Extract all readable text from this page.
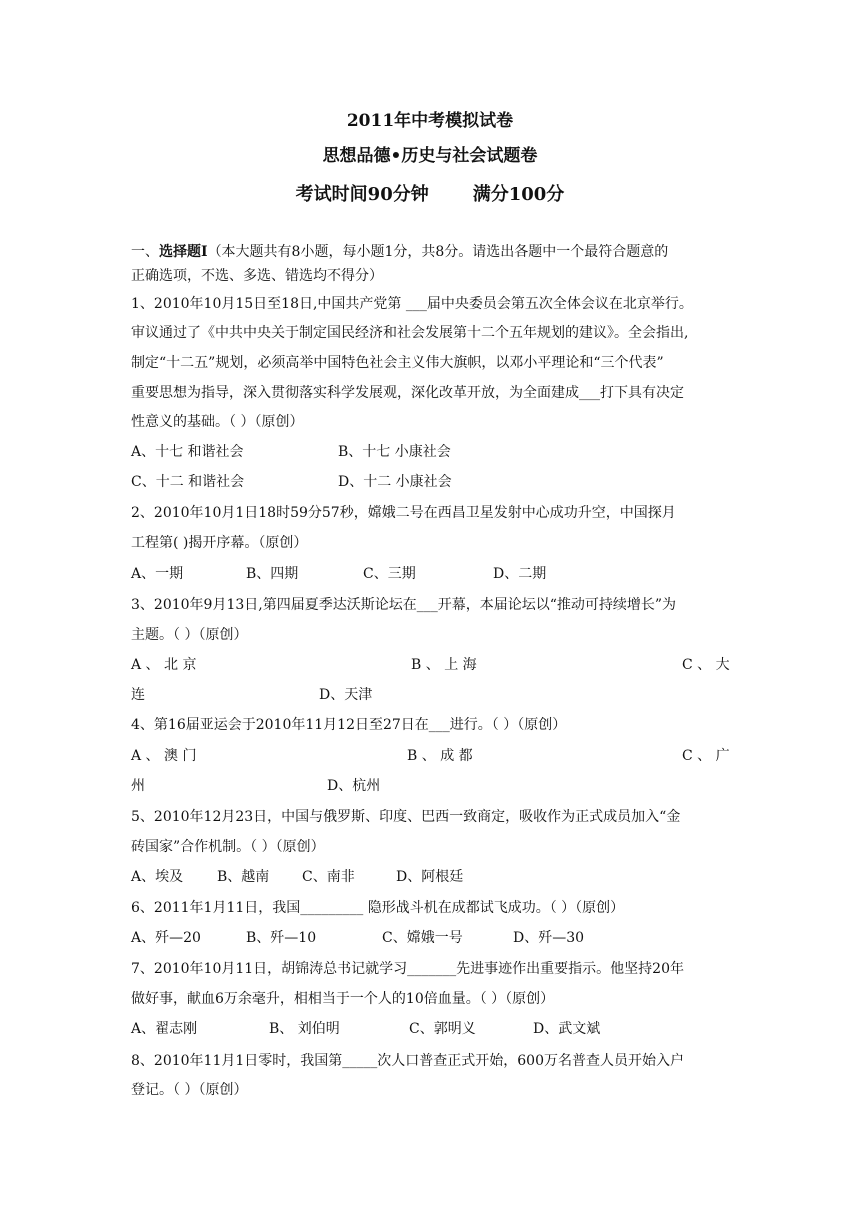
2011年中考模拟试卷
思想品德•历史与社会试题卷
考试时间90分钟 满分100分
一、选择题Ⅰ（本大题共有8小题，每小题1分，共8分。请选出各题中一个最符合题意的
正确选项，不选、多选、错选均不得分）
1、2010年10月15日至18日,中国共产党第 ___届中央委员会第五次全体会议在北京举行。
审议通过了《中共中央关于制定国民经济和社会发展第十二个五年规划的建议》。全会指出,
制定“十二五”规划，必须高举中国特色社会主义伟大旗帜，以邓小平理论和“三个代表”
重要思想为指导，深入贯彻落实科学发展观，深化改革开放，为全面建成___打下具有决定
性意义的基础。（ ）（原创）
A、十七 和谐社会	B、十七 小康社会
C、十二 和谐社会	D、十二 小康社会
2、2010年10月1日18时59分57秒，嫦娥二号在西昌卫星发射中心成功升空，中国探月
工程第( )揭开序幕。（原创）
A、一期	B、四期	C、三期	D、二期
3、2010年9月13日,第四届夏季达沃斯论坛在___开幕，本届论坛以“推动可持续增长”为
主题。（ ）（原创）
A 、 北 京	B 、 上 海	C 、 大
连	D、天津
4、第16届亚运会于2010年11月12日至27日在___进行。（ ）（原创）
A 、 澳 门	B 、 成 都	C 、 广
州	D、杭州
5、2010年12月23日，中国与俄罗斯、印度、巴西一致商定，吸收作为正式成员加入“金
砖国家”合作机制。（ ）（原创）
A、埃及 B、越南 C、南非	D、阿根廷
6、2011年1月11日，我国_________ 隐形战斗机在成都试飞成功。（ ）（原创）
A、歼—20	B、歼—10	C、嫦娥一号	D、歼—30
7、2010年10月11日，胡锦涛总书记就学习_______先进事迹作出重要指示。他坚持20年
做好事，献血6万余毫升，相相当于一个人的10倍血量。（ ）（原创）
A、翟志刚	B、 刘伯明	C、郭明义	D、武文斌
8、2010年11月1日零时，我国第_____次人口普查正式开始，600万名普查人员开始入户
登记。（ ）（原创）
